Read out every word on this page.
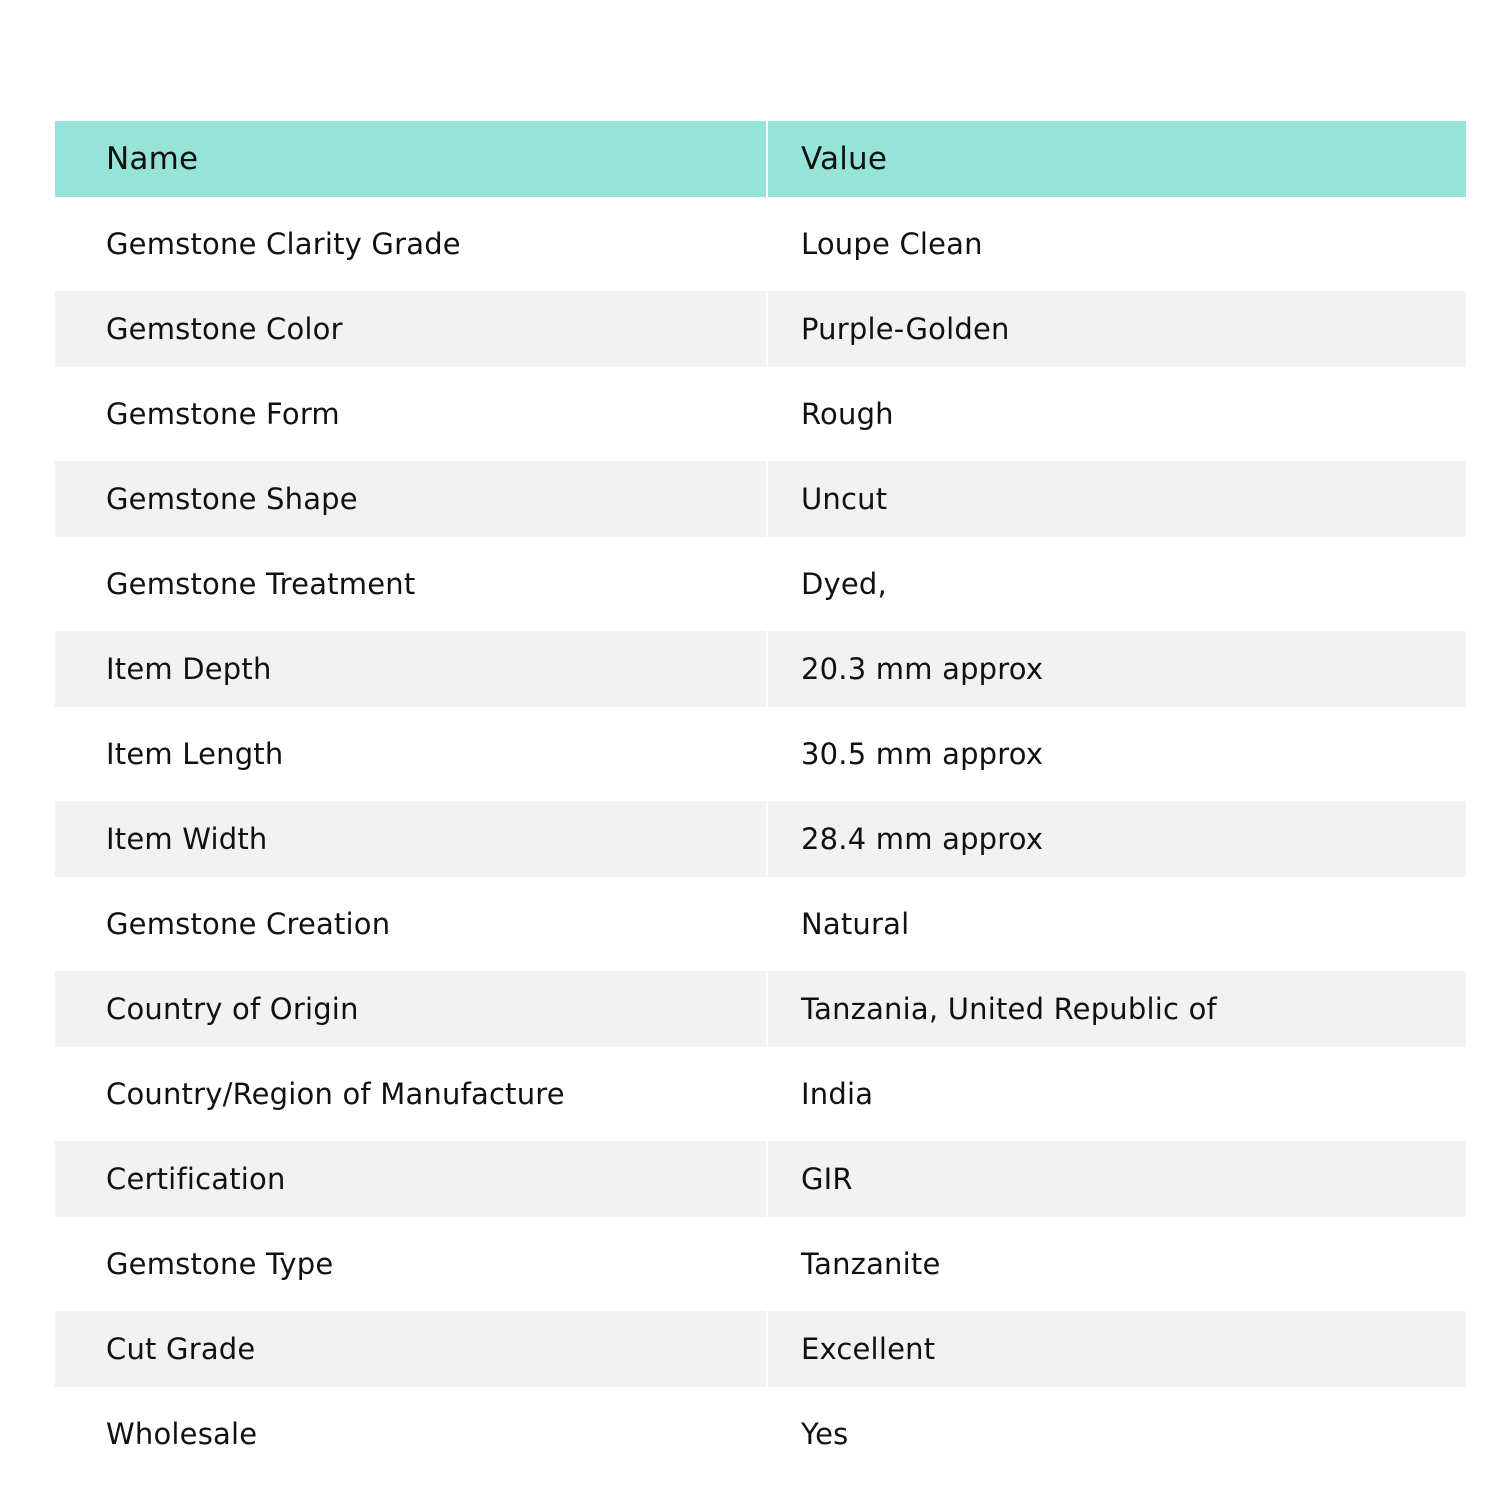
Name	Value
Gemstone Clarity Grade	Loupe Clean
Gemstone Color	Purple-Golden
Gemstone Form	Rough
Gemstone Shape	Uncut
Gemstone Treatment	Dyed,
Item Depth	20.3 mm approx
Item Length	30.5 mm approx
Item Width	28.4 mm approx
Gemstone Creation	Natural
Country of Origin	Tanzania, United Republic of
Country/Region of Manufacture	India
Certification	GIR
Gemstone Type	Tanzanite
Cut Grade	Excellent
Wholesale	Yes
